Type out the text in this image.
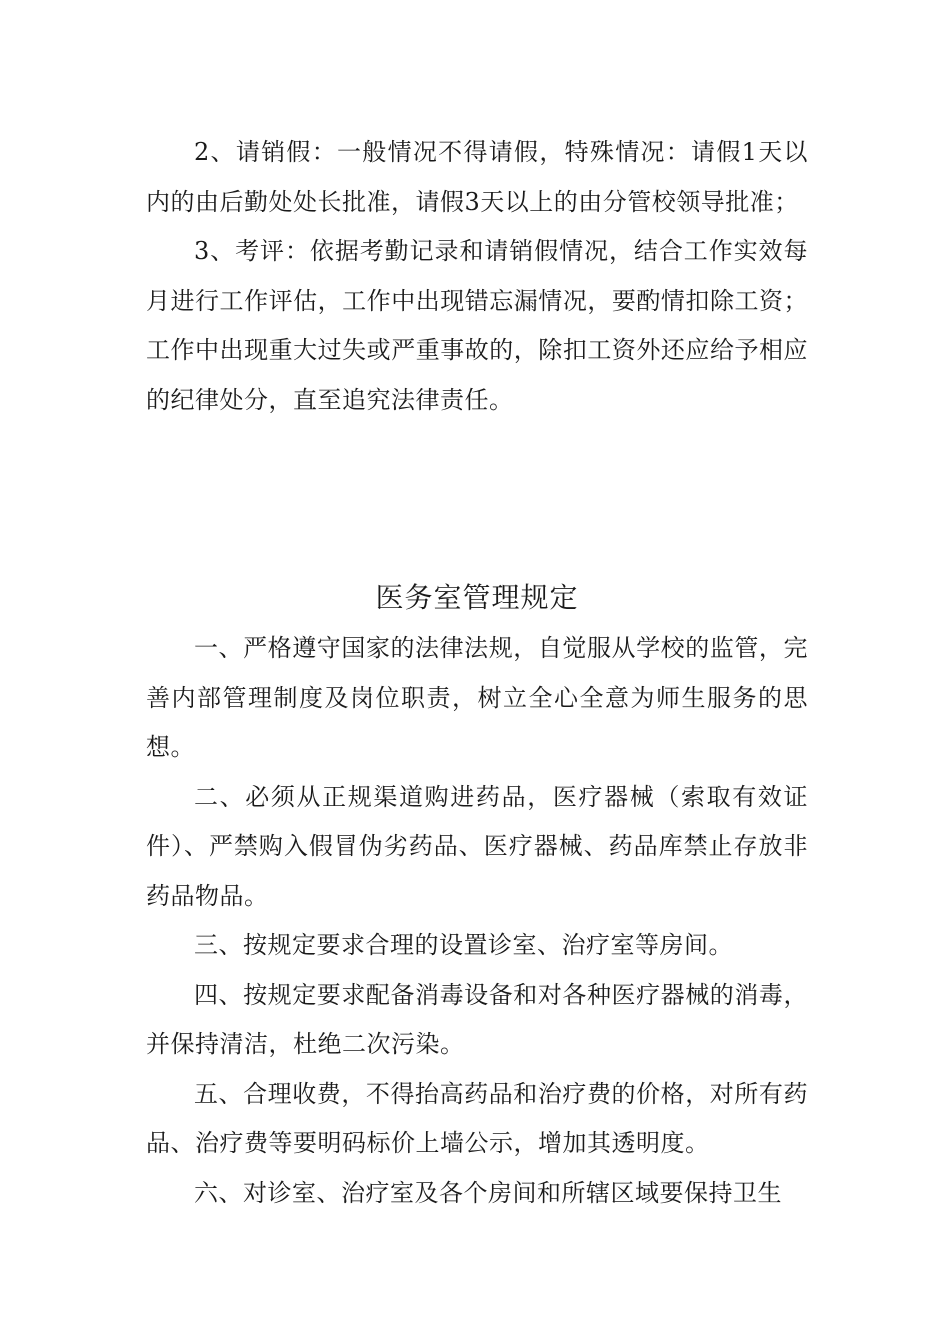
2、请销假：一般情况不得请假，特殊情况：请假1天以内的由后勤处处长批准，请假3天以上的由分管校领导批准；

3、考评：依据考勤记录和请销假情况，结合工作实效每月进行工作评估，工作中出现错忘漏情况，要酌情扣除工资；工作中出现重大过失或严重事故的，除扣工资外还应给予相应的纪律处分，直至追究法律责任。

医务室管理规定

一、严格遵守国家的法律法规，自觉服从学校的监管，完善内部管理制度及岗位职责，树立全心全意为师生服务的思想。

二、必须从正规渠道购进药品，医疗器械（索取有效证件）、严禁购入假冒伪劣药品、医疗器械、药品库禁止存放非药品物品。

三、按规定要求合理的设置诊室、治疗室等房间。

四、按规定要求配备消毒设备和对各种医疗器械的消毒，并保持清洁，杜绝二次污染。

五、合理收费，不得抬高药品和治疗费的价格，对所有药品、治疗费等要明码标价上墙公示，增加其透明度。

六、对诊室、治疗室及各个房间和所辖区域要保持卫生
